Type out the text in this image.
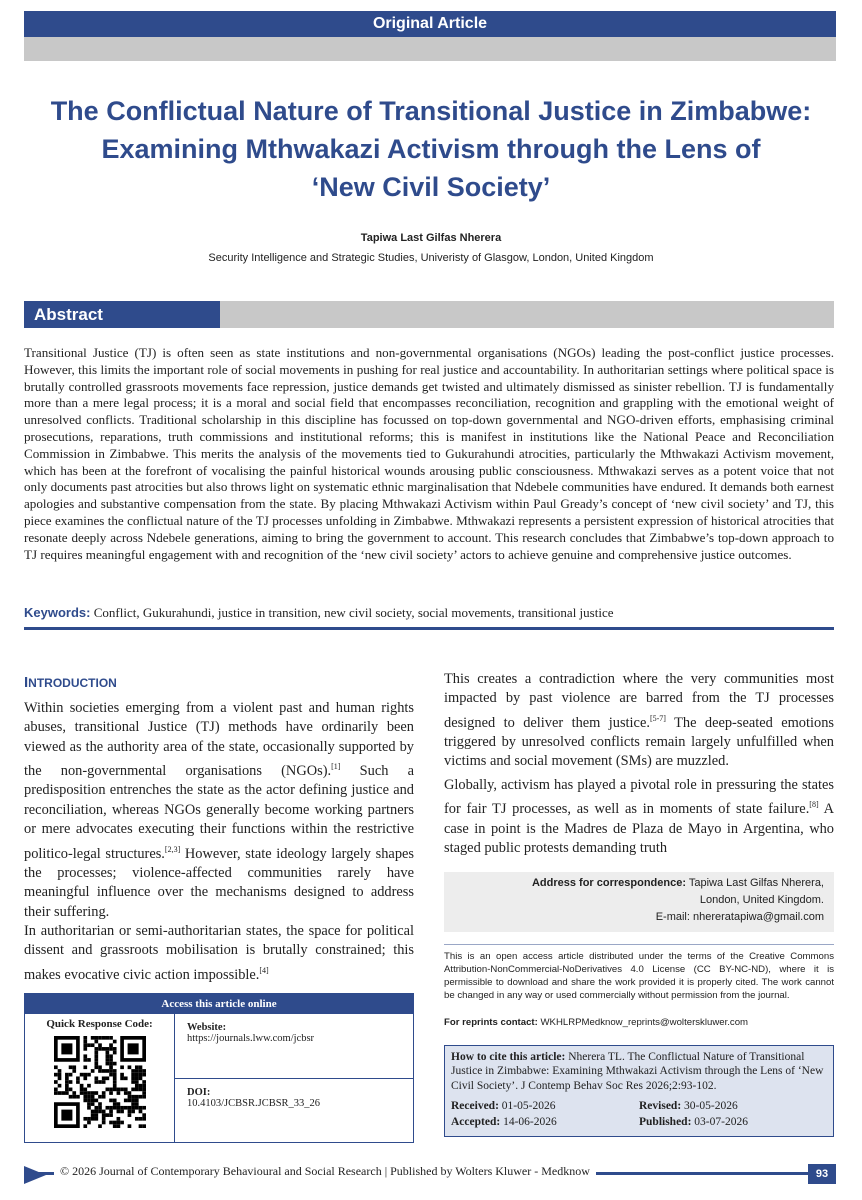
Original Article
The Conflictual Nature of Transitional Justice in Zimbabwe:
Examining Mthwakazi Activism through the Lens of
‘New Civil Society’
Tapiwa Last Gilfas Nherera
Security Intelligence and Strategic Studies, Univeristy of Glasgow, London, United Kingdom
Abstract

Transitional Justice (TJ) is often seen as state institutions and non-governmental organisations (NGOs) leading the post-conflict justice processes. However, this limits the important role of social movements in pushing for real justice and accountability. In authoritarian settings where political space is brutally controlled grassroots movements face repression, justice demands get twisted and ultimately dismissed as sinister rebellion. TJ is fundamentally more than a mere legal process; it is a moral and social field that encompasses reconciliation, recognition and grappling with the emotional weight of unresolved conflicts. Traditional scholarship in this discipline has focussed on top-down governmental and NGO-driven efforts, emphasising criminal prosecutions, reparations, truth commissions and institutional reforms; this is manifest in institutions like the National Peace and Reconciliation Commission in Zimbabwe. This merits the analysis of the movements tied to Gukurahundi atrocities, particularly the Mthwakazi Activism movement, which has been at the forefront of vocalising the painful historical wounds arousing public consciousness. Mthwakazi serves as a potent voice that not only documents past atrocities but also throws light on systematic ethnic marginalisation that Ndebele communities have endured. It demands both earnest apologies and substantive compensation from the state. By placing Mthwakazi Activism within Paul Gready’s concept of ‘new civil society’ and TJ, this piece examines the conflictual nature of the TJ processes unfolding in Zimbabwe. Mthwakazi represents a persistent expression of historical atrocities that resonate deeply across Ndebele generations, aiming to bring the government to account. This research concludes that Zimbabwe’s top-down approach to TJ requires meaningful engagement with and recognition of the ‘new civil society’ actors to achieve genuine and comprehensive justice outcomes.

Keywords: Conflict, Gukurahundi, justice in transition, new civil society, social movements, transitional justice
INTRODUCTION

Within societies emerging from a violent past and human rights abuses, transitional Justice (TJ) methods have ordinarily been viewed as the authority area of the state, occasionally supported by the non-governmental organisations (NGOs).[1] Such a predisposition entrenches the state as the actor defining justice and reconciliation, whereas NGOs generally become working partners or mere advocates executing their functions within the restrictive politico-legal structures.[2,3] However, state ideology largely shapes the processes; violence-affected communities rarely have meaningful influence over the mechanisms designed to address their suffering.

In authoritarian or semi-authoritarian states, the space for political dissent and grassroots mobilisation is brutally constrained; this makes evocative civic action impossible.[4]

This creates a contradiction where the very communities most impacted by past violence are barred from the TJ processes designed to deliver them justice.[5-7] The deep-seated emotions triggered by unresolved conflicts remain largely unfulfilled when victims and social movement (SMs) are muzzled.

Globally, activism has played a pivotal role in pressuring the states for fair TJ processes, as well as in moments of state failure.[8] A case in point is the Madres de Plaza de Mayo in Argentina, who staged public protests demanding truth

Address for correspondence: Tapiwa Last Gilfas Nherera,
London, United Kingdom.
E-mail: nhereratapiwa@gmail.com

This is an open access article distributed under the terms of the Creative Commons Attribution-NonCommercial-NoDerivatives 4.0 License (CC BY-NC-ND), where it is permissible to download and share the work provided it is properly cited. The work cannot be changed in any way or used commercially without permission from the journal.

For reprints contact: WKHLRPMedknow_reprints@wolterskluwer.com
How to cite this article: Nherera TL. The Conflictual Nature of Transitional Justice in Zimbabwe: Examining Mthwakazi Activism through the Lens of ‘New Civil Society’. J Contemp Behav Soc Res 2026;2:93-102.
Received: 01-05-2026	Revised: 30-05-2026
Accepted: 14-06-2026	Published: 03-07-2026
Access this article online
Quick Response Code:	Website:
https://journals.lww.com/jcbsr
DOI:
10.4103/JCBSR.JCBSR_33_26
© 2026 Journal of Contemporary Behavioural and Social Research | Published by Wolters Kluwer - Medknow	93
